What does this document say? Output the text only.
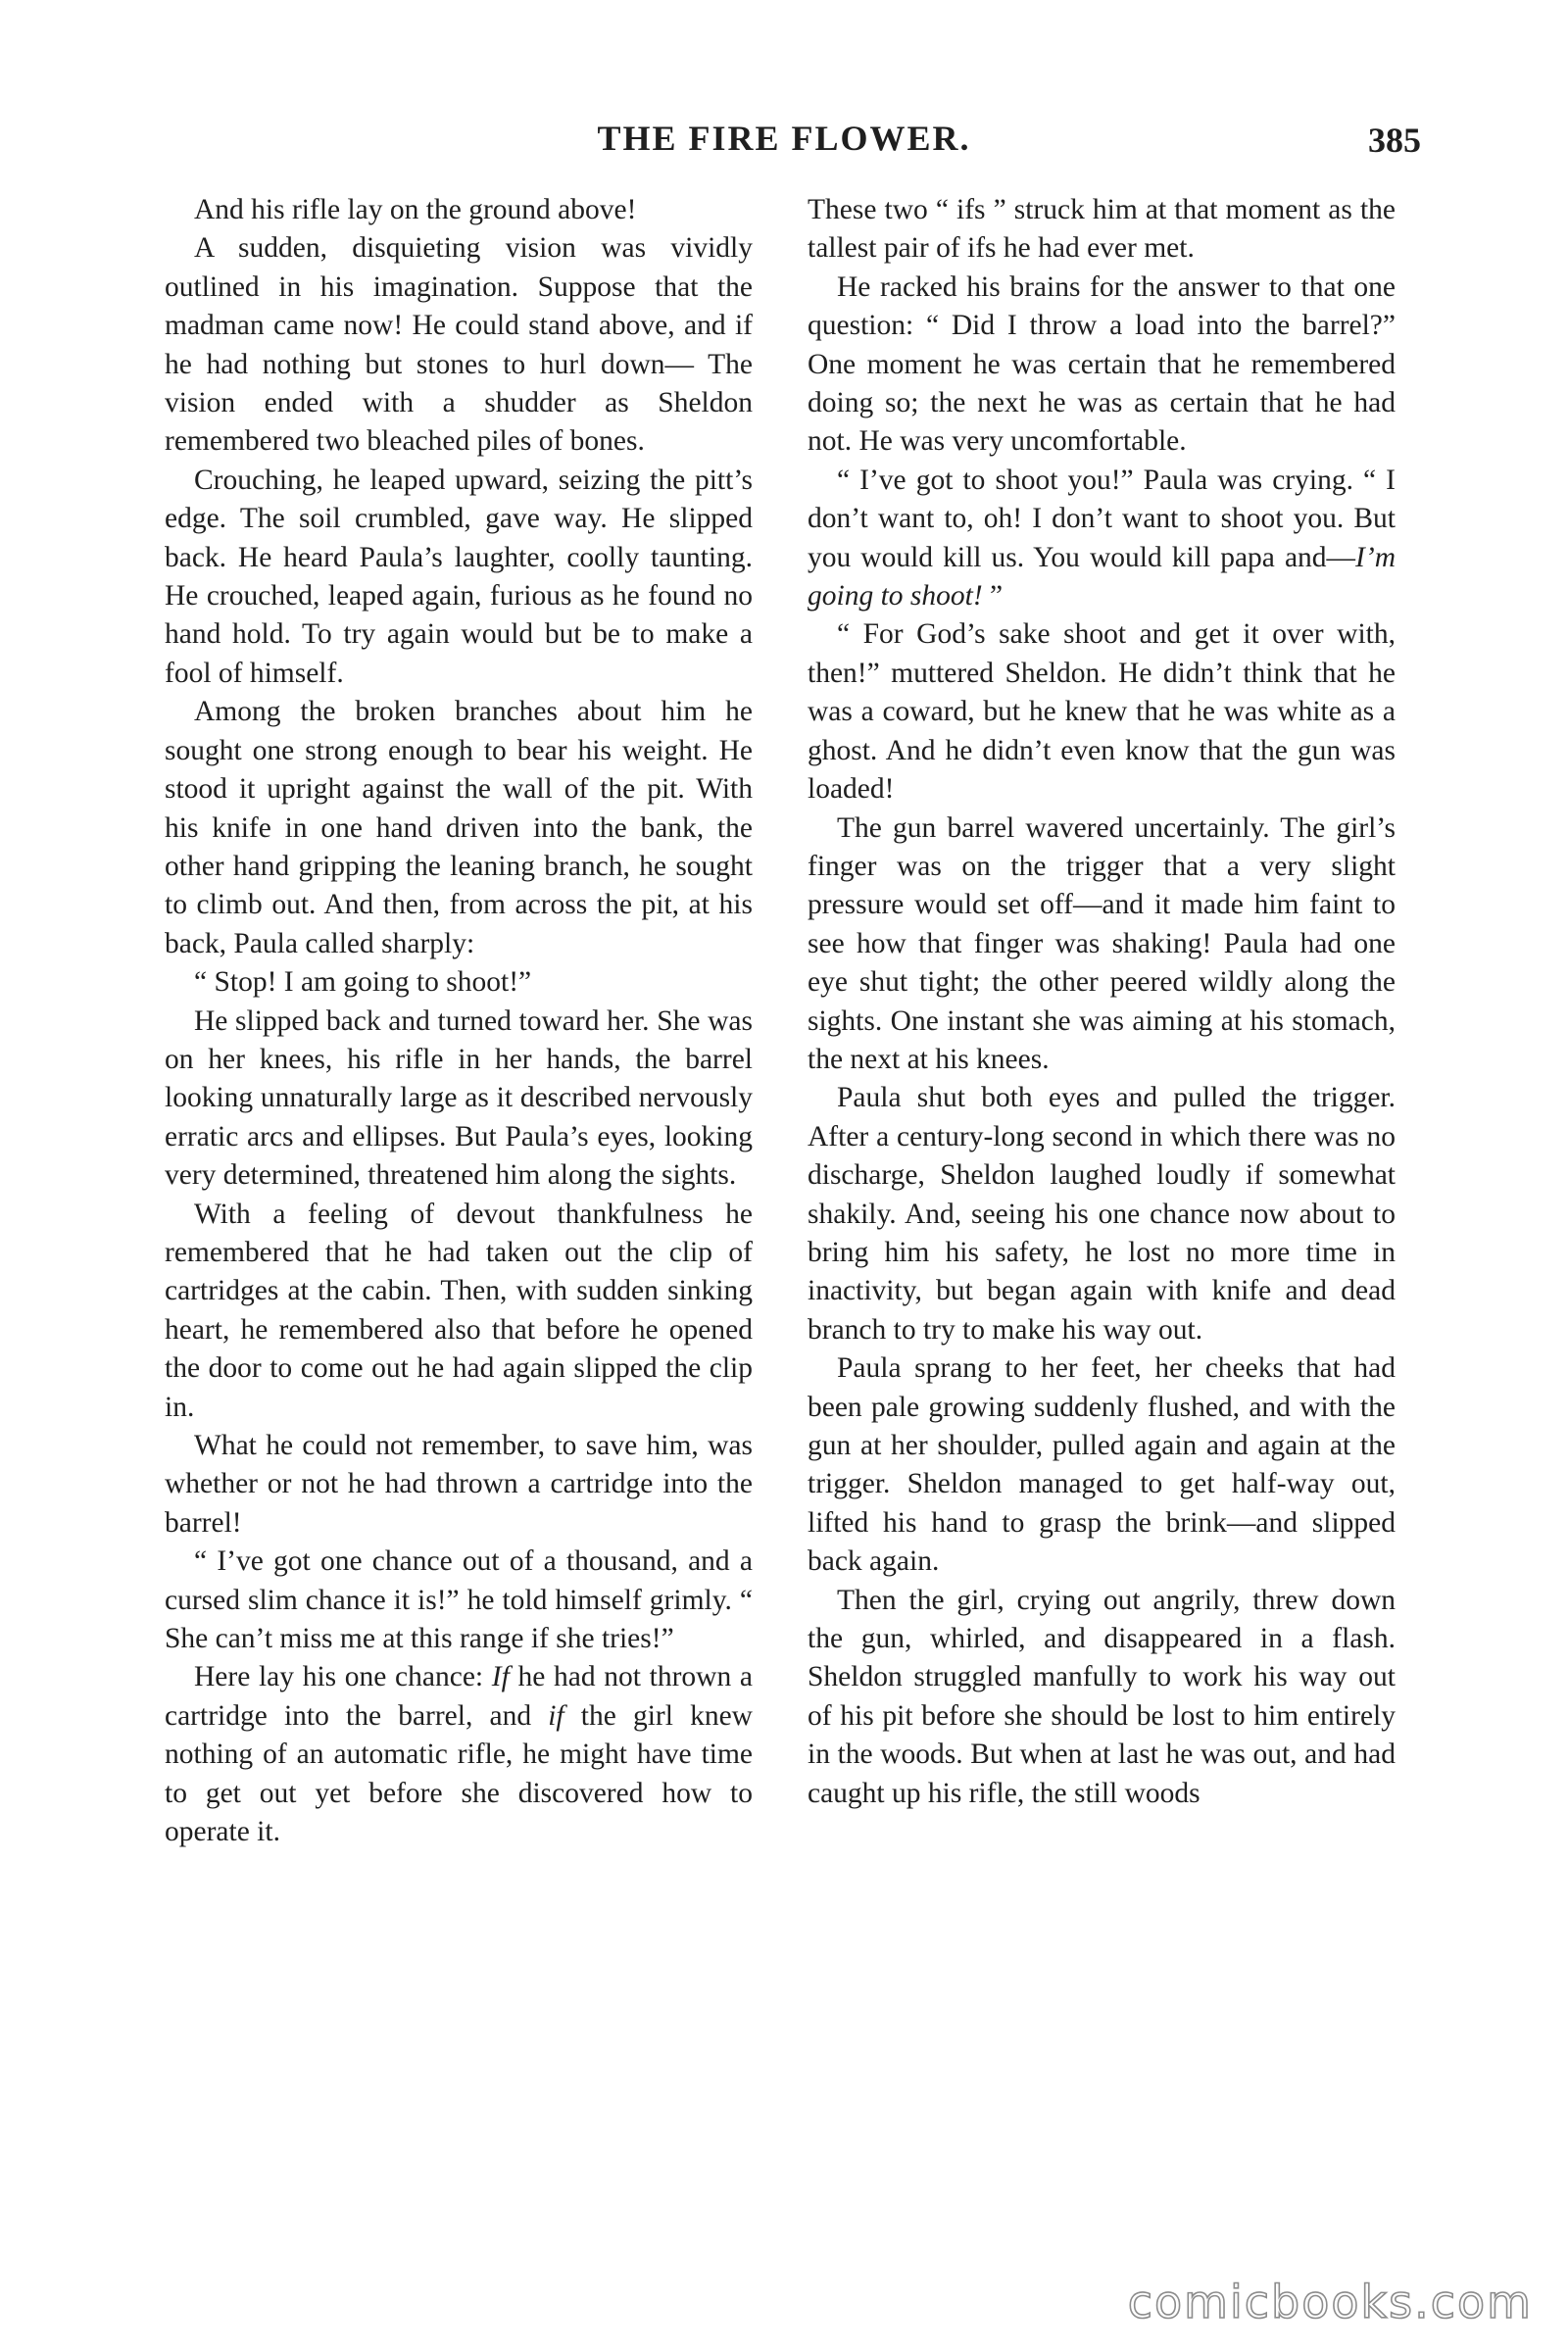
THE FIRE FLOWER.	385

And his rifle lay on the ground above!

A sudden, disquieting vision was vividly outlined in his imagination. Suppose that the madman came now! He could stand above, and if he had nothing but stones to hurl down— The vision ended with a shudder as Sheldon remembered two bleached piles of bones.

Crouching, he leaped upward, seizing the pitt’s edge. The soil crumbled, gave way. He slipped back. He heard Paula’s laughter, coolly taunting. He crouched, leaped again, furious as he found no hand hold. To try again would but be to make a fool of himself.

Among the broken branches about him he sought one strong enough to bear his weight. He stood it upright against the wall of the pit. With his knife in one hand driven into the bank, the other hand gripping the leaning branch, he sought to climb out. And then, from across the pit, at his back, Paula called sharply:

“ Stop! I am going to shoot!”

He slipped back and turned toward her. She was on her knees, his rifle in her hands, the barrel looking unnaturally large as it described nervously erratic arcs and ellipses. But Paula’s eyes, looking very determined, threatened him along the sights.

With a feeling of devout thankfulness he remembered that he had taken out the clip of cartridges at the cabin. Then, with sudden sinking heart, he remembered also that before he opened the door to come out he had again slipped the clip in.

What he could not remember, to save him, was whether or not he had thrown a cartridge into the barrel!

“ I’ve got one chance out of a thousand, and a cursed slim chance it is!” he told himself grimly. “ She can’t miss me at this range if she tries!”

Here lay his one chance: If he had not thrown a cartridge into the barrel, and if the girl knew nothing of an automatic rifle, he might have time to get out yet before she discovered how to operate it.

These two “ ifs ” struck him at that moment as the tallest pair of ifs he had ever met.

He racked his brains for the answer to that one question: “ Did I throw a load into the barrel?” One moment he was certain that he remembered doing so; the next he was as certain that he had not. He was very uncomfortable.

“ I’ve got to shoot you!” Paula was crying. “ I don’t want to, oh! I don’t want to shoot you. But you would kill us. You would kill papa and—I’m going to shoot! ”

“ For God’s sake shoot and get it over with, then!” muttered Sheldon. He didn’t think that he was a coward, but he knew that he was white as a ghost. And he didn’t even know that the gun was loaded!

The gun barrel wavered uncertainly. The girl’s finger was on the trigger that a very slight pressure would set off—and it made him faint to see how that finger was shaking! Paula had one eye shut tight; the other peered wildly along the sights. One instant she was aiming at his stomach, the next at his knees.

Paula shut both eyes and pulled the trigger. After a century-long second in which there was no discharge, Sheldon laughed loudly if somewhat shakily. And, seeing his one chance now about to bring him his safety, he lost no more time in inactivity, but began again with knife and dead branch to try to make his way out.

Paula sprang to her feet, her cheeks that had been pale growing suddenly flushed, and with the gun at her shoulder, pulled again and again at the trigger. Sheldon managed to get half-way out, lifted his hand to grasp the brink—and slipped back again.

Then the girl, crying out angrily, threw down the gun, whirled, and disappeared in a flash. Sheldon struggled manfully to work his way out of his pit before she should be lost to him entirely in the woods. But when at last he was out, and had caught up his rifle, the still woods

comicbooks.com
